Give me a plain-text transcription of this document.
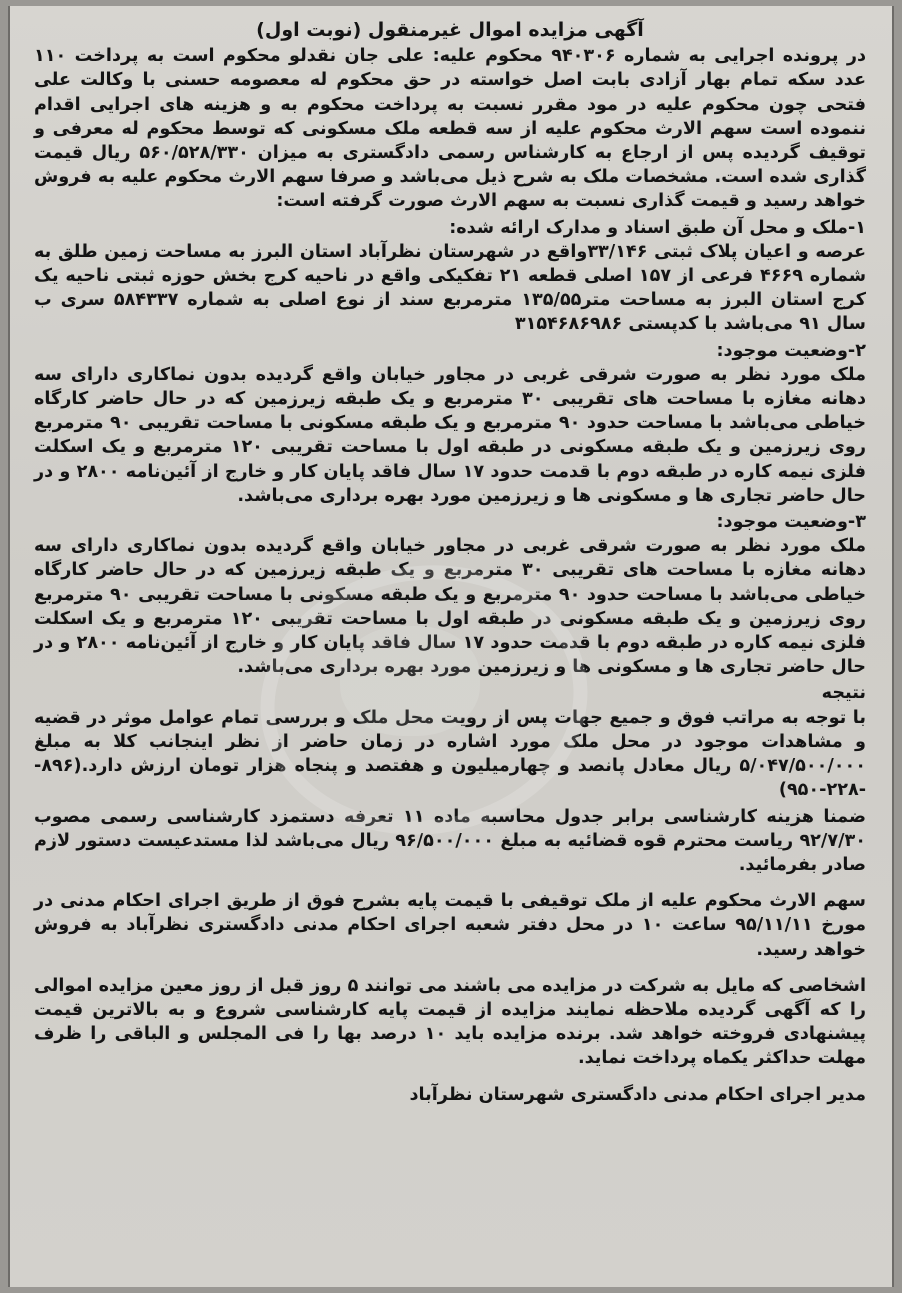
آگهی مزایده اموال غیرمنقول (نوبت اول)

در پرونده اجرایی به شماره ۹۴۰۳۰۶ محکوم علیه: علی جان نقدلو محکوم است به پرداخت ۱۱۰ عدد سکه تمام بهار آزادی بابت اصل خواسته در حق محکوم له معصومه حسنی با وکالت علی فتحی چون محکوم علیه در مود مقرر نسبت به پرداخت محکوم به و هزینه های اجرایی اقدام ننموده است سهم الارث محکوم علیه از سه قطعه ملک مسکونی که توسط محکوم له معرفی و توقیف گردیده پس از ارجاع به کارشناس رسمی دادگستری به میزان ۵۶۰/۵۲۸/۳۳۰ ریال قیمت گذاری شده است. مشخصات ملک به شرح ذیل می‌باشد و صرفا سهم الارث محکوم علیه به فروش خواهد رسید و قیمت گذاری نسبت به سهم الارث صورت گرفته است:

۱-ملک و محل آن طبق اسناد و مدارک ارائه شده:

عرصه و اعیان پلاک ثبتی ۳۳/۱۴۶واقع در شهرستان نظرآباد استان البرز به مساحت زمین طلق به شماره ۴۶۶۹ فرعی از ۱۵۷ اصلی قطعه ۲۱ تفکیکی واقع در ناحیه کرج بخش حوزه ثبتی ناحیه یک کرج استان البرز به مساحت متر۱۳۵/۵۵ مترمربع سند از نوع اصلی به شماره ۵۸۴۳۳۷ سری ب سال ۹۱ می‌باشد با کدپستی ۳۱۵۴۶۸۶۹۸۶

۲-وضعیت موجود:

ملک مورد نظر به صورت شرقی غربی در مجاور خیابان واقع گردیده بدون نماکاری دارای سه دهانه مغازه با مساحت های تقریبی ۳۰ مترمربع و یک طبقه زیرزمین که در حال حاضر کارگاه خیاطی می‌باشد با مساحت حدود ۹۰ مترمربع و یک طبقه مسکونی با مساحت تقریبی ۹۰ مترمربع روی زیرزمین و یک طبقه مسکونی در طبقه اول با مساحت تقریبی ۱۲۰ مترمربع و یک اسکلت فلزی نیمه کاره در طبقه دوم با قدمت حدود ۱۷ سال فاقد پایان کار و خارج از آئین‌نامه ۲۸۰۰ و در حال حاضر تجاری ها و مسکونی ها و زیرزمین مورد بهره برداری می‌باشد.

۳-وضعیت موجود:

ملک مورد نظر به صورت شرقی غربی در مجاور خیابان واقع گردیده بدون نماکاری دارای سه دهانه مغازه با مساحت های تقریبی ۳۰ مترمربع و یک طبقه زیرزمین که در حال حاضر کارگاه خیاطی می‌باشد با مساحت حدود ۹۰ مترمربع و یک طبقه مسکونی با مساحت تقریبی ۹۰ مترمربع روی زیرزمین و یک طبقه مسکونی در طبقه اول با مساحت تقریبی ۱۲۰ مترمربع و یک اسکلت فلزی نیمه کاره در طبقه دوم با قدمت حدود ۱۷ سال فاقد پایان کار و خارج از آئین‌نامه ۲۸۰۰ و در حال حاضر تجاری ها و مسکونی ها و زیرزمین مورد بهره برداری می‌باشد.

نتیجه

با توجه به مراتب فوق و جمیع جهات پس از رویت محل ملک و بررسی تمام عوامل موثر در قضیه و مشاهدات موجود در محل ملک مورد اشاره در زمان حاضر از نظر اینجانب کلا به مبلغ ۵/۰۴۷/۵۰۰/۰۰۰ ریال معادل پانصد و چهارمیلیون و هفتصد و پنجاه هزار تومان ارزش دارد.(۸۹۶--۲۲۸-۹۵۰)

ضمنا هزینه کارشناسی برابر جدول محاسبه ماده ۱۱ تعرفه دستمزد کارشناسی رسمی مصوب ۹۲/۷/۳۰ ریاست محترم قوه قضائیه به مبلغ ۹۶/۵۰۰/۰۰۰ ریال می‌باشد لذا مستدعیست دستور لازم صادر بفرمائید.

سهم الارث محکوم علیه از ملک توقیفی با قیمت پایه بشرح فوق از طریق اجرای احکام مدنی در مورخ ۹۵/۱۱/۱۱ ساعت ۱۰ در محل دفتر شعبه اجرای احکام مدنی دادگستری نظرآباد به فروش خواهد رسید.

اشخاصی که مایل به شرکت در مزایده می باشند می توانند ۵ روز قبل از روز معین مزایده اموالی را که آگهی گردیده ملاحظه نمایند مزایده از قیمت پایه کارشناسی شروع و به بالاترین قیمت پیشنهادی فروخته خواهد شد. برنده مزایده باید ۱۰ درصد بها را فی المجلس و الباقی را ظرف مهلت حداکثر یکماه پرداخت نماید.

مدیر اجرای احکام مدنی دادگستری شهرستان نظرآباد
